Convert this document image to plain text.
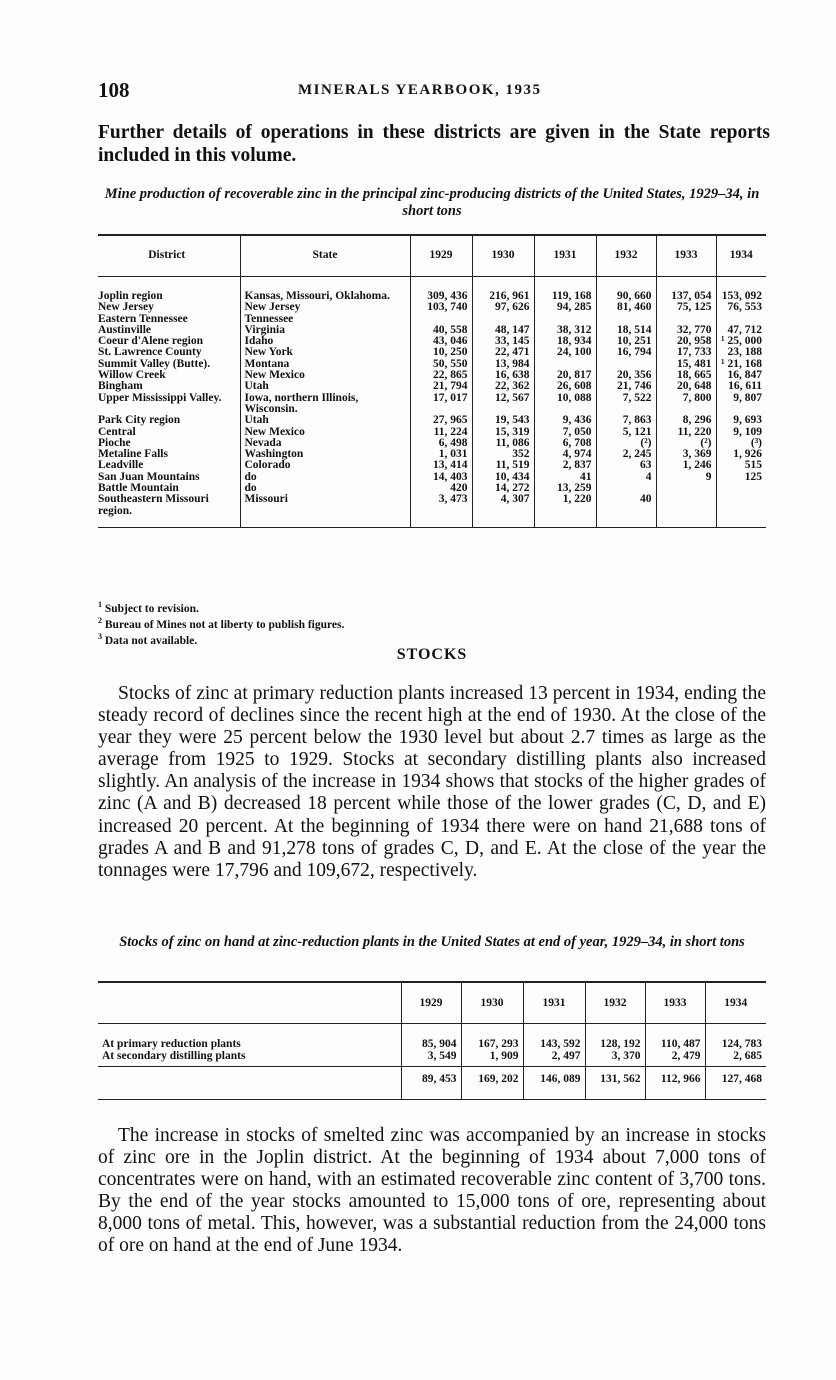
108	MINERALS YEARBOOK, 1935
Further details of operations in these districts are given in the State reports included in this volume.
Mine production of recoverable zinc in the principal zinc-producing districts of the United States, 1929–34, in short tons
District	State	1929	1930	1931	1932	1933	1934
Joplin region	Kansas, Missouri, Oklahoma.	309, 436	216, 961	119, 168	90, 660	137, 054	153, 092
New Jersey	New Jersey	103, 740	97, 626	94, 285	81, 460	75, 125	76, 553
Eastern Tennessee	Tennessee						
Austinville	Virginia	40, 558	48, 147	38, 312	18, 514	32, 770	47, 712
Coeur d'Alene region	Idaho	43, 046	33, 145	18, 934	10, 251	20, 958	¹ 25, 000
St. Lawrence County	New York	10, 250	22, 471	24, 100	16, 794	17, 733	23, 188
Summit Valley (Butte).	Montana	50, 550	13, 984			15, 481	¹ 21, 168
Willow Creek	New Mexico	22, 865	16, 638	20, 817	20, 356	18, 665	16, 847
Bingham	Utah	21, 794	22, 362	26, 608	21, 746	20, 648	16, 611
Upper Mississippi Valley.	Iowa, northern Illinois, Wisconsin.	17, 017	12, 567	10, 088	7, 522	7, 800	9, 807
Park City region	Utah	27, 965	19, 543	9, 436	7, 863	8, 296	9, 693
Central	New Mexico	11, 224	15, 319	7, 050	5, 121	11, 220	9, 109
Pioche	Nevada	6, 498	11, 086	6, 708	(²)	(²)	(³)
Metaline Falls	Washington	1, 031	352	4, 974	2, 245	3, 369	1, 926
Leadville	Colorado	13, 414	11, 519	2, 837	63	1, 246	515
San Juan Mountains	do	14, 403	10, 434	41	4	9	125
Battle Mountain	do	420	14, 272	13, 259			
Southeastern Missouri region.	Missouri	3, 473	4, 307	1, 220	40		
$^1$ Subject to revision.
$^2$ Bureau of Mines not at liberty to publish figures.
$^3$ Data not available.
STOCKS
Stocks of zinc at primary reduction plants increased 13 percent in 1934, ending the steady record of declines since the recent high at the end of 1930. At the close of the year they were 25 percent below the 1930 level but about 2.7 times as large as the average from 1925 to 1929. Stocks at secondary distilling plants also increased slightly. An analysis of the increase in 1934 shows that stocks of the higher grades of zinc (A and B) decreased 18 percent while those of the lower grades (C, D, and E) increased 20 percent. At the beginning of 1934 there were on hand 21,688 tons of grades A and B and 91,278 tons of grades C, D, and E. At the close of the year the tonnages were 17,796 and 109,672, respectively.
Stocks of zinc on hand at zinc-reduction plants in the United States at end of year, 1929–34, in short tons
	1929	1930	1931	1932	1933	1934
At primary reduction plants	85, 904	167, 293	143, 592	128, 192	110, 487	124, 783
At secondary distilling plants	3, 549	1, 909	2, 497	3, 370	2, 479	2, 685
	89, 453	169, 202	146, 089	131, 562	112, 966	127, 468
The increase in stocks of smelted zinc was accompanied by an increase in stocks of zinc ore in the Joplin district. At the beginning of 1934 about 7,000 tons of concentrates were on hand, with an estimated recoverable zinc content of 3,700 tons. By the end of the year stocks amounted to 15,000 tons of ore, representing about 8,000 tons of metal. This, however, was a substantial reduction from the 24,000 tons of ore on hand at the end of June 1934.
